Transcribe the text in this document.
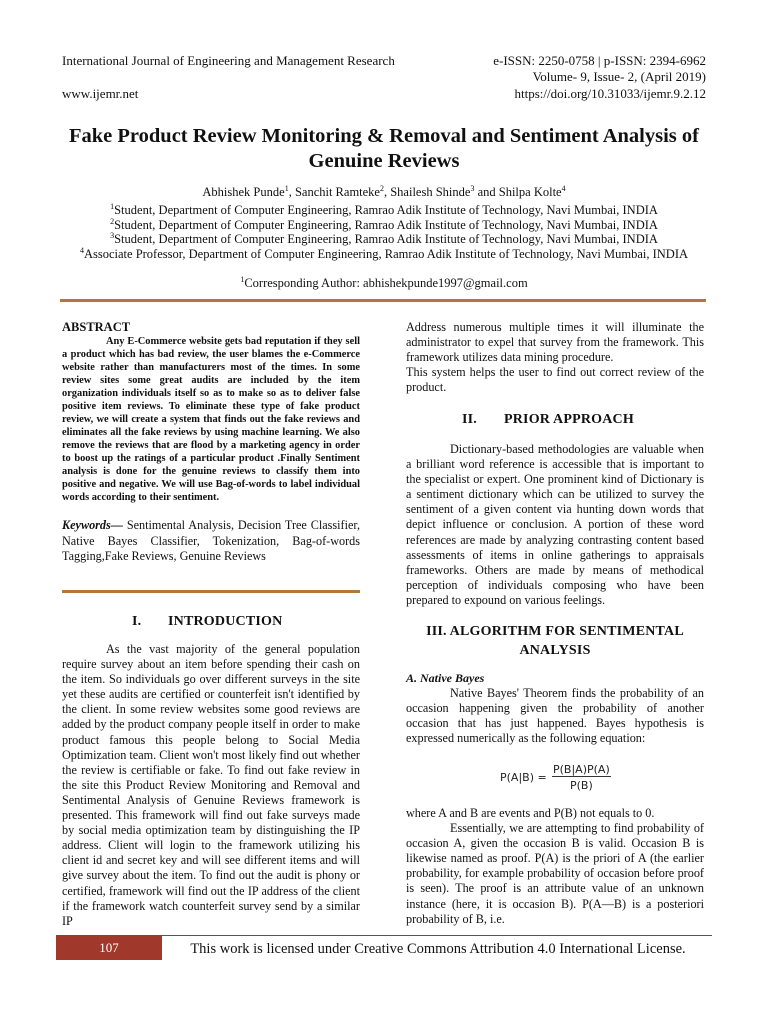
International Journal of Engineering and Management Research
www.ijemr.net
e-ISSN: 2250-0758 | p-ISSN: 2394-6962
Volume- 9, Issue- 2, (April 2019)
https://doi.org/10.31033/ijemr.9.2.12
Fake Product Review Monitoring & Removal and Sentiment Analysis of
Genuine Reviews
Abhishek Punde$^1$, Sanchit Ramteke$^2$, Shailesh Shinde$^3$ and Shilpa Kolte$^4$
$^1$Student, Department of Computer Engineering, Ramrao Adik Institute of Technology, Navi Mumbai, INDIA
$^2$Student, Department of Computer Engineering, Ramrao Adik Institute of Technology, Navi Mumbai, INDIA
$^3$Student, Department of Computer Engineering, Ramrao Adik Institute of Technology, Navi Mumbai, INDIA
$^4$Associate Professor, Department of Computer Engineering, Ramrao Adik Institute of Technology, Navi Mumbai, INDIA
$^1$Corresponding Author: abhishekpunde1997@gmail.com
ABSTRACT

Any E-Commerce website gets bad reputation if they sell a product which has bad review, the user blames the e-Commerce website rather than manufacturers most of the times. In some review sites some great audits are included by the item organization individuals itself so as to make so as to deliver false positive item reviews. To eliminate these type of fake product review, we will create a system that finds out the fake reviews and eliminates all the fake reviews by using machine learning. We also remove the reviews that are flood by a marketing agency in order to boost up the ratings of a particular product .Finally Sentiment analysis is done for the genuine reviews to classify them into positive and negative. We will use Bag-of-words to label individual words according to their sentiment.

Keywords— Sentimental Analysis, Decision Tree Classifier, Native Bayes Classifier, Tokenization, Bag-of-words Tagging,Fake Reviews, Genuine Reviews

I. INTRODUCTION

As the vast majority of the general population require survey about an item before spending their cash on the item. So individuals go over different surveys in the site yet these audits are certified or counterfeit isn't identified by the client. In some review websites some good reviews are added by the product company people itself in order to make product famous this people belong to Social Media Optimization team. Client won't most likely find out whether the review is certifiable or fake. To find out fake review in the site this Product Review Monitoring and Removal and Sentimental Analysis of Genuine Reviews framework is presented. This framework will find out fake surveys made by social media optimization team by distinguishing the IP address. Client will login to the framework utilizing his client id and secret key and will see different items and will give survey about the item. To find out the audit is phony or certified, framework will find out the IP address of the client if the framework watch counterfeit survey send by a similar IP

Address numerous multiple times it will illuminate the administrator to expel that survey from the framework. This framework utilizes data mining procedure.

This system helps the user to find out correct review of the product.

II. PRIOR APPROACH

Dictionary-based methodologies are valuable when a brilliant word reference is accessible that is important to the specialist or expert. One prominent kind of Dictionary is a sentiment dictionary which can be utilized to survey the sentiment of a given content via hunting down words that depict influence or conclusion. A portion of these word references are made by analyzing contrasting content based assessments of items in online gatherings to appraisals frameworks. Others are made by means of methodical perception of individuals composing who have been prepared to expound on various feelings.

III. ALGORITHM FOR SENTIMENTAL
ANALYSIS

A. Native Bayes

Native Bayes' Theorem finds the probability of an occasion happening given the probability of another occasion that has just happened. Bayes hypothesis is expressed numerically as the following equation:

P(A|B) =
P(B|A)P(A)
P(B)

where A and B are events and P(B) not equals to 0.

Essentially, we are attempting to find probability of occasion A, given the occasion B is valid. Occasion B is likewise named as proof. P(A) is the priori of A (the earlier probability, for example probability of occasion before proof is seen). The proof is an attribute value of an unknown instance (here, it is occasion B). P(A—B) is a posteriori probability of B, i.e.

107	This work is licensed under Creative Commons Attribution 4.0 International License.
